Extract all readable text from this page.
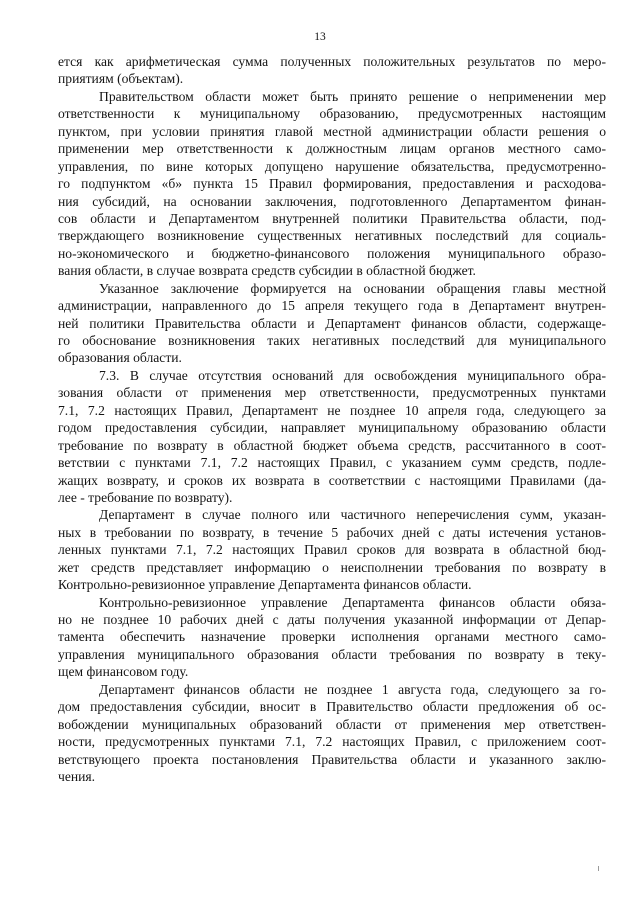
13
ется как арифметическая сумма полученных положительных результатов по меро-
приятиям (объектам).
Правительством области может быть принято решение о неприменении мер
ответственности к муниципальному образованию, предусмотренных настоящим
пунктом, при условии принятия главой местной администрации области решения о
применении мер ответственности к должностным лицам органов местного само-
управления, по вине которых допущено нарушение обязательства, предусмотренно-
го подпунктом «б» пункта 15 Правил формирования, предоставления и расходова-
ния субсидий, на основании заключения, подготовленного Департаментом финан-
сов области и Департаментом внутренней политики Правительства области, под-
тверждающего возникновение существенных негативных последствий для социаль-
но-экономического и бюджетно-финансового положения муниципального образо-
вания области, в случае возврата средств субсидии в областной бюджет.
Указанное заключение формируется на основании обращения главы местной
администрации, направленного до 15 апреля текущего года в Департамент внутрен-
ней политики Правительства области и Департамент финансов области, содержаще-
го обоснование возникновения таких негативных последствий для муниципального
образования области.
7.3. В случае отсутствия оснований для освобождения муниципального обра-
зования области от применения мер ответственности, предусмотренных пунктами
7.1, 7.2 настоящих Правил, Департамент не позднее 10 апреля года, следующего за
годом предоставления субсидии, направляет муниципальному образованию области
требование по возврату в областной бюджет объема средств, рассчитанного в соот-
ветствии с пунктами 7.1, 7.2 настоящих Правил, с указанием сумм средств, подле-
жащих возврату, и сроков их возврата в соответствии с настоящими Правилами (да-
лее - требование по возврату).
Департамент в случае полного или частичного неперечисления сумм, указан-
ных в требовании по возврату, в течение 5 рабочих дней с даты истечения установ-
ленных пунктами 7.1, 7.2 настоящих Правил сроков для возврата в областной бюд-
жет средств представляет информацию о неисполнении требования по возврату в
Контрольно-ревизионное управление Департамента финансов области.
Контрольно-ревизионное управление Департамента финансов области обяза-
но не позднее 10 рабочих дней с даты получения указанной информации от Депар-
тамента обеспечить назначение проверки исполнения органами местного само-
управления муниципального образования области требования по возврату в теку-
щем финансовом году.
Департамент финансов области не позднее 1 августа года, следующего за го-
дом предоставления субсидии, вносит в Правительство области предложения об ос-
вобождении муниципальных образований области от применения мер ответствен-
ности, предусмотренных пунктами 7.1, 7.2 настоящих Правил, с приложением соот-
ветствующего проекта постановления Правительства области и указанного заклю-
чения.
